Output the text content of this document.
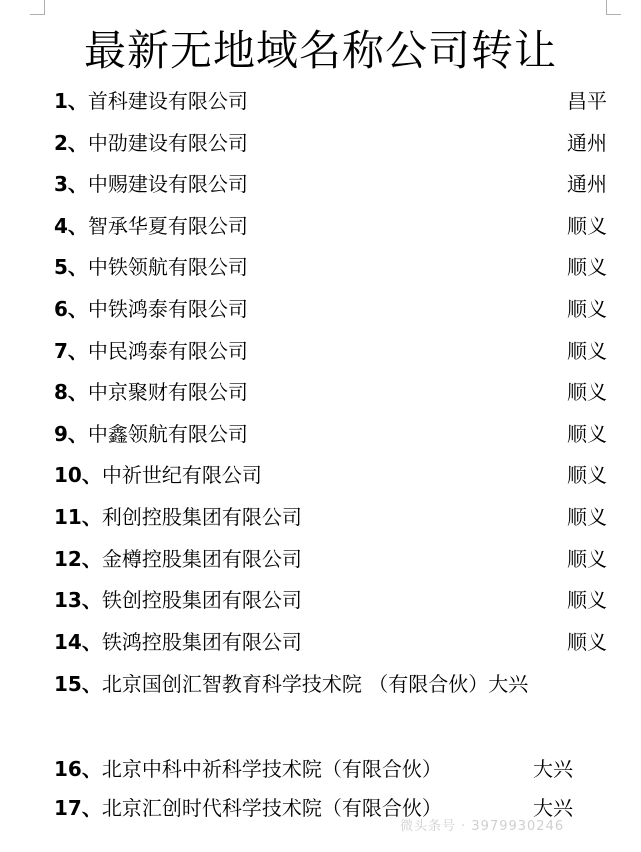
最新无地域名称公司转让
1、首科建设有限公司	昌平
2、中劭建设有限公司	通州
3、中赐建设有限公司	通州
4、智承华夏有限公司	顺义
5、中铁领航有限公司	顺义
6、中铁鸿泰有限公司	顺义
7、中民鸿泰有限公司	顺义
8、中京聚财有限公司	顺义
9、中鑫领航有限公司	顺义
10、中祈世纪有限公司	顺义
11、利创控股集团有限公司	顺义
12、金樽控股集团有限公司	顺义
13、铁创控股集团有限公司	顺义
14、铁鸿控股集团有限公司	顺义
15、北京国创汇智教育科学技术院 （有限合伙）大兴
16、北京中科中祈科学技术院（有限合伙）	大兴
17、北京汇创时代科学技术院（有限合伙）	大兴
微头条号 · 3979930246
